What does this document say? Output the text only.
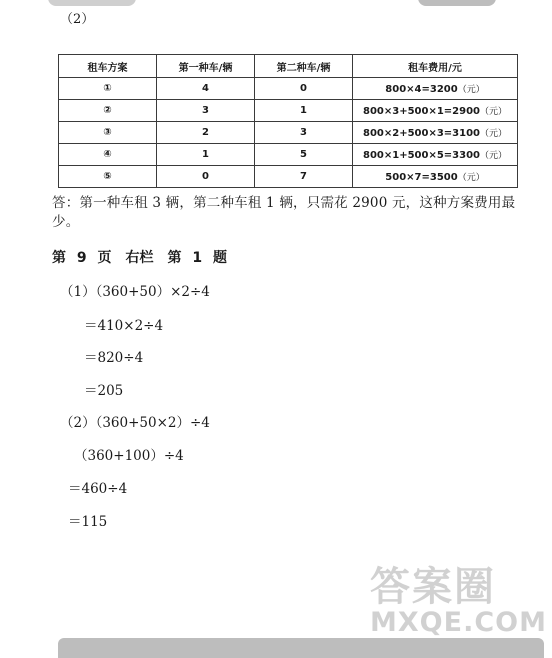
（2）
租车方案	第一种车/辆	第二种车/辆	租车费用/元
①	4	0	800×4=3200（元）
②	3	1	800×3+500×1=2900（元）
③	2	3	800×2+500×3=3100（元）
④	1	5	800×1+500×5=3300（元）
⑤	0	7	500×7=3500（元）
答：第一种车租 3 辆，第二种车租 1 辆，只需花 2900 元，这种方案费用最少。
第 9 页　右栏　第 1 题
（1）（360+50）×2÷4
＝410×2÷4
＝820÷4
＝205
（2）（360+50×2）÷4
（360+100）÷4
＝460÷4
＝115
答案圈
MXQE.COM
